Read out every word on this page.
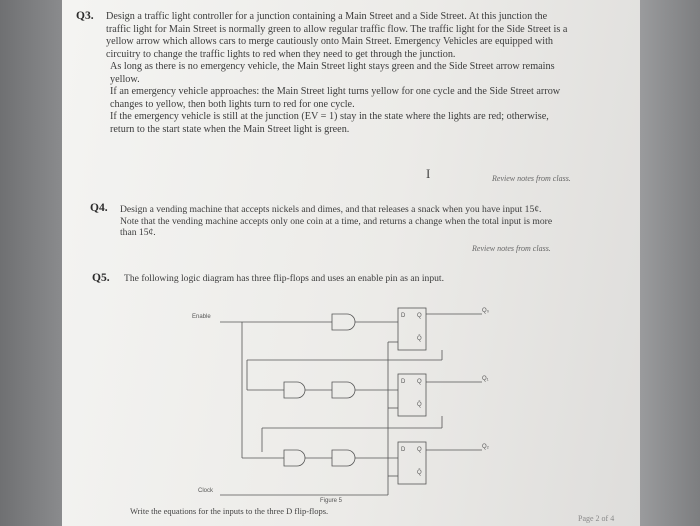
Q3. Design a traffic light controller for a junction containing a Main Street and a Side Street. At this junction the traffic light for Main Street is normally green to allow regular traffic flow. The traffic light for the Side Street is a yellow arrow which allows cars to merge cautiously onto Main Street. Emergency Vehicles are equipped with circuitry to change the traffic lights to red when they need to get through the junction.
As long as there is no emergency vehicle, the Main Street light stays green and the Side Street arrow remains yellow.
If an emergency vehicle approaches: the Main Street light turns yellow for one cycle and the Side Street arrow changes to yellow, then both lights turn to red for one cycle.
If the emergency vehicle is still at the junction (EV = 1) stay in the state where the lights are red; otherwise, return to the start state when the Main Street light is green.
I	Review notes from class.
Q4. Design a vending machine that accepts nickels and dimes, and that releases a snack when you have input 15¢. Note that the vending machine accepts only one coin at a time, and returns a change when the total input is more than 15¢.
Review notes from class.
Q5. The following logic diagram has three flip-flops and uses an enable pin as an input.
Enable	D Q
Q̄
Q₀
D Q
Q̄
Q₁
D Q
Q̄
Q₂
Clock
Figure 5
Write the equations for the inputs to the three D flip-flops.
Page 2 of 4
